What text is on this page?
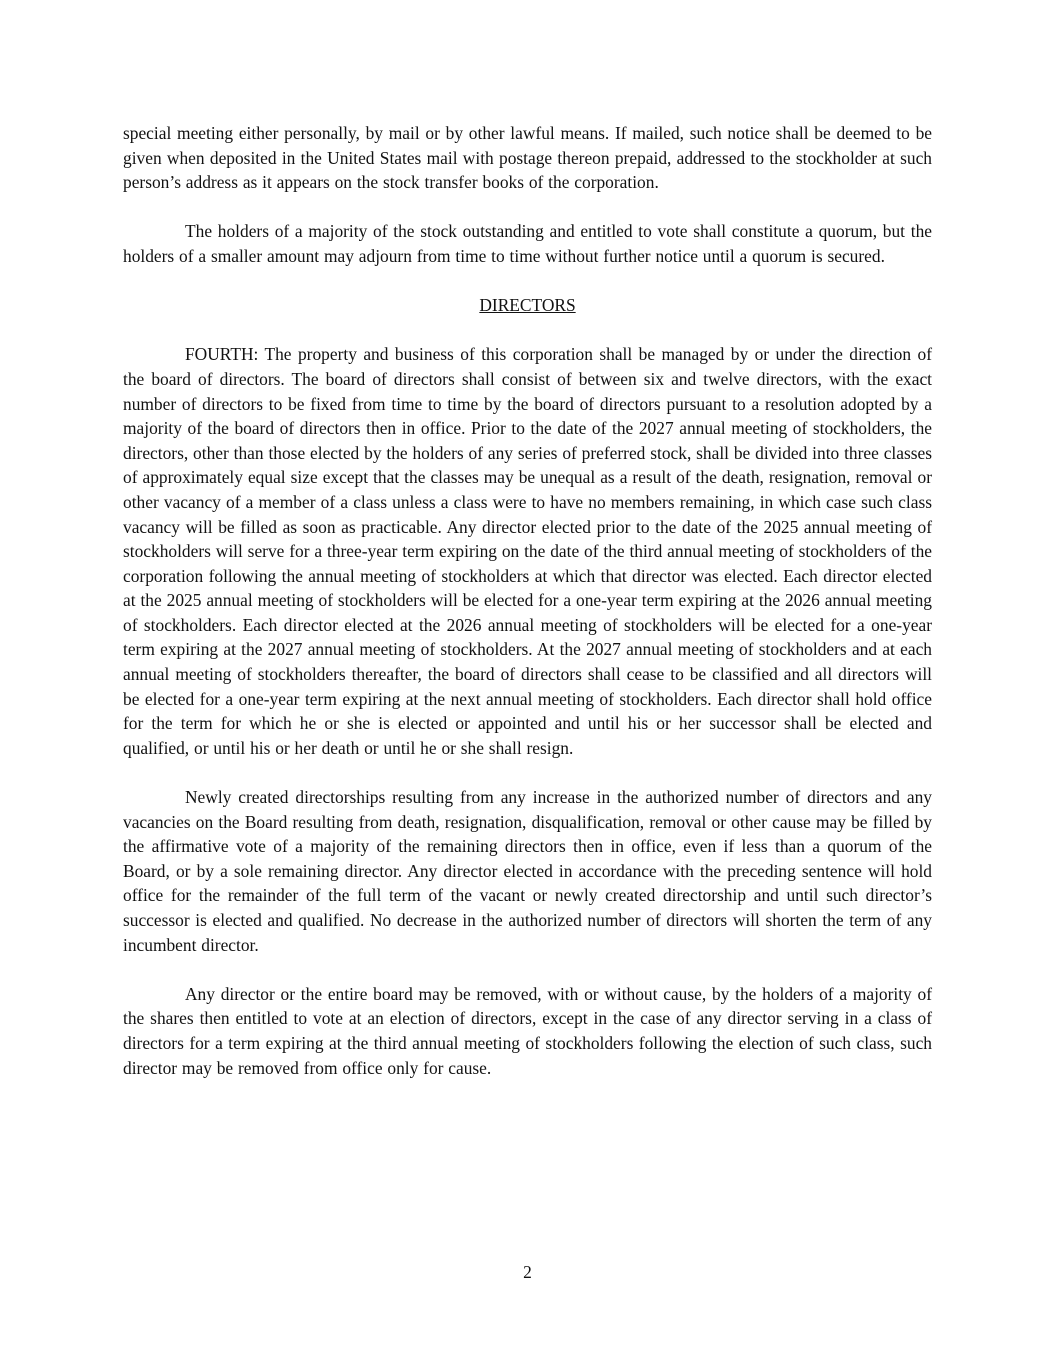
special meeting either personally, by mail or by other lawful means. If mailed, such notice shall be deemed to be given when deposited in the United States mail with postage thereon prepaid, addressed to the stockholder at such person’s address as it appears on the stock transfer books of the corporation.

The holders of a majority of the stock outstanding and entitled to vote shall constitute a quorum, but the holders of a smaller amount may adjourn from time to time without further notice until a quorum is secured.

DIRECTORS

FOURTH: The property and business of this corporation shall be managed by or under the direction of the board of directors. The board of directors shall consist of between six and twelve directors, with the exact number of directors to be fixed from time to time by the board of directors pursuant to a resolution adopted by a majority of the board of directors then in office. Prior to the date of the 2027 annual meeting of stockholders, the directors, other than those elected by the holders of any series of preferred stock, shall be divided into three classes of approximately equal size except that the classes may be unequal as a result of the death, resignation, removal or other vacancy of a member of a class unless a class were to have no members remaining, in which case such class vacancy will be filled as soon as practicable. Any director elected prior to the date of the 2025 annual meeting of stockholders will serve for a three-year term expiring on the date of the third annual meeting of stockholders of the corporation following the annual meeting of stockholders at which that director was elected. Each director elected at the 2025 annual meeting of stockholders will be elected for a one-year term expiring at the 2026 annual meeting of stockholders. Each director elected at the 2026 annual meeting of stockholders will be elected for a one-year term expiring at the 2027 annual meeting of stockholders. At the 2027 annual meeting of stockholders and at each annual meeting of stockholders thereafter, the board of directors shall cease to be classified and all directors will be elected for a one-year term expiring at the next annual meeting of stockholders. Each director shall hold office for the term for which he or she is elected or appointed and until his or her successor shall be elected and qualified, or until his or her death or until he or she shall resign.

Newly created directorships resulting from any increase in the authorized number of directors and any vacancies on the Board resulting from death, resignation, disqualification, removal or other cause may be filled by the affirmative vote of a majority of the remaining directors then in office, even if less than a quorum of the Board, or by a sole remaining director. Any director elected in accordance with the preceding sentence will hold office for the remainder of the full term of the vacant or newly created directorship and until such director’s successor is elected and qualified. No decrease in the authorized number of directors will shorten the term of any incumbent director.

Any director or the entire board may be removed, with or without cause, by the holders of a majority of the shares then entitled to vote at an election of directors, except in the case of any director serving in a class of directors for a term expiring at the third annual meeting of stockholders following the election of such class, such director may be removed from office only for cause.

2
